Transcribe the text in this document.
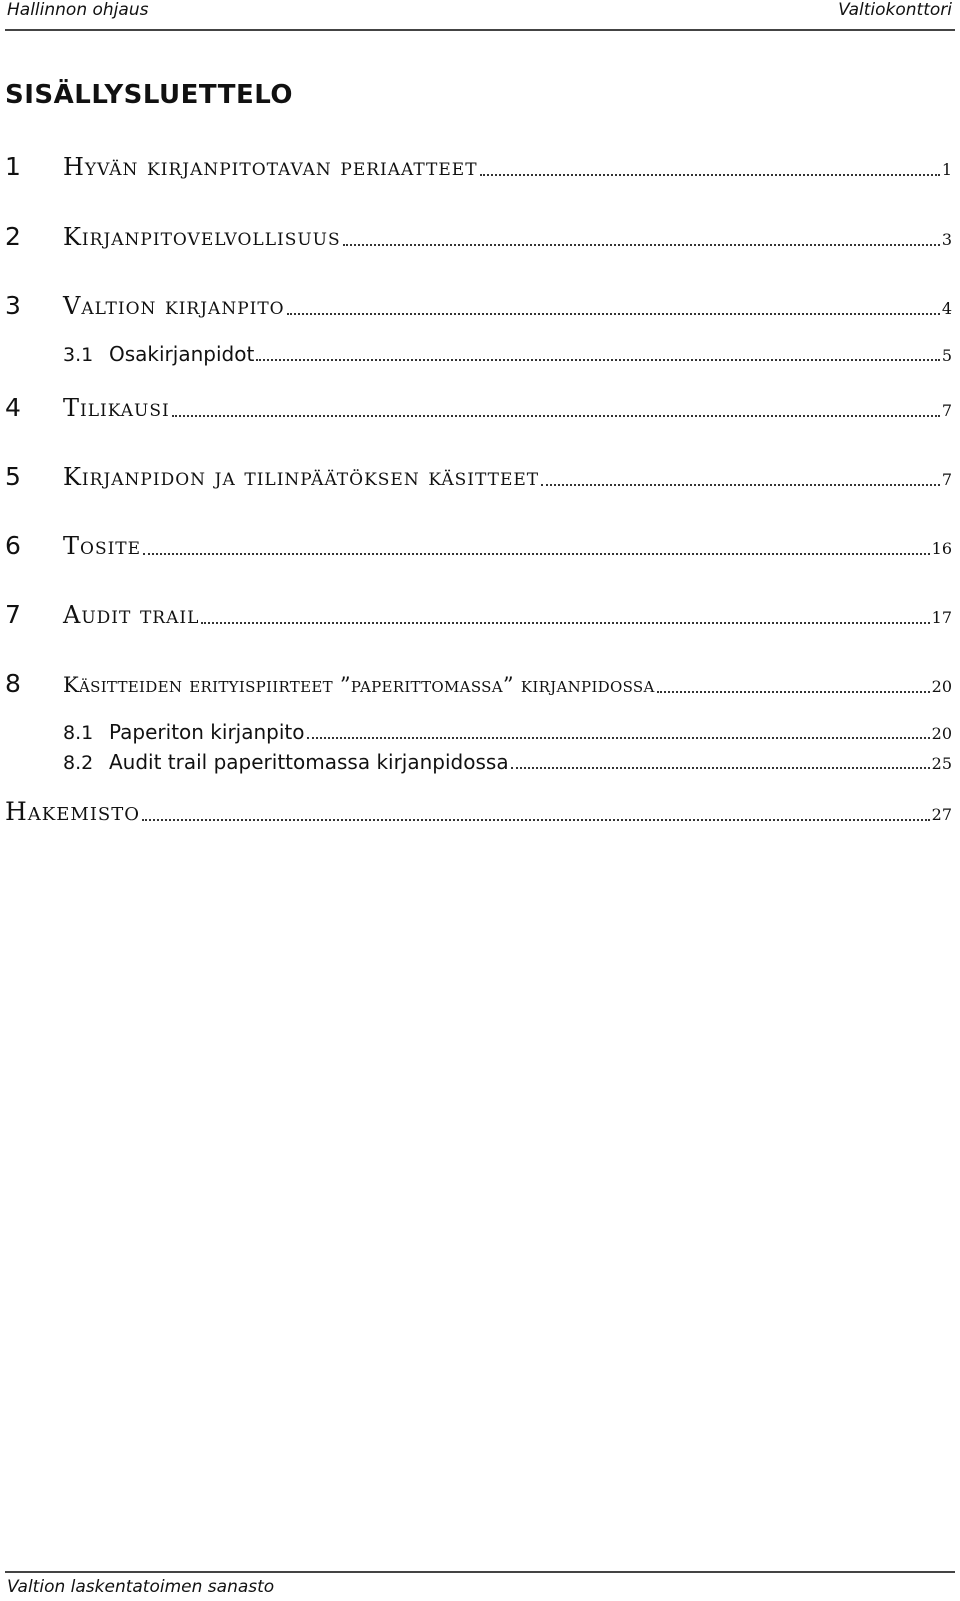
Hallinnon ohjaus	Valtiokonttori
SISÄLLYSLUETTELO
1	Hyvän kirjanpitotavan periaatteet	1
2	Kirjanpitovelvollisuus	3
3	Valtion kirjanpito	4
3.1 Osakirjanpidot	5
4	Tilikausi	7
5	Kirjanpidon ja tilinpäätöksen käsitteet	7
6	Tosite	16
7	Audit trail	17
8	Käsitteiden erityispiirteet ”paperittomassa” kirjanpidossa	20
8.1 Paperiton kirjanpito	20
8.2 Audit trail paperittomassa kirjanpidossa	25
Hakemisto	27
Valtion laskentatoimen sanasto
